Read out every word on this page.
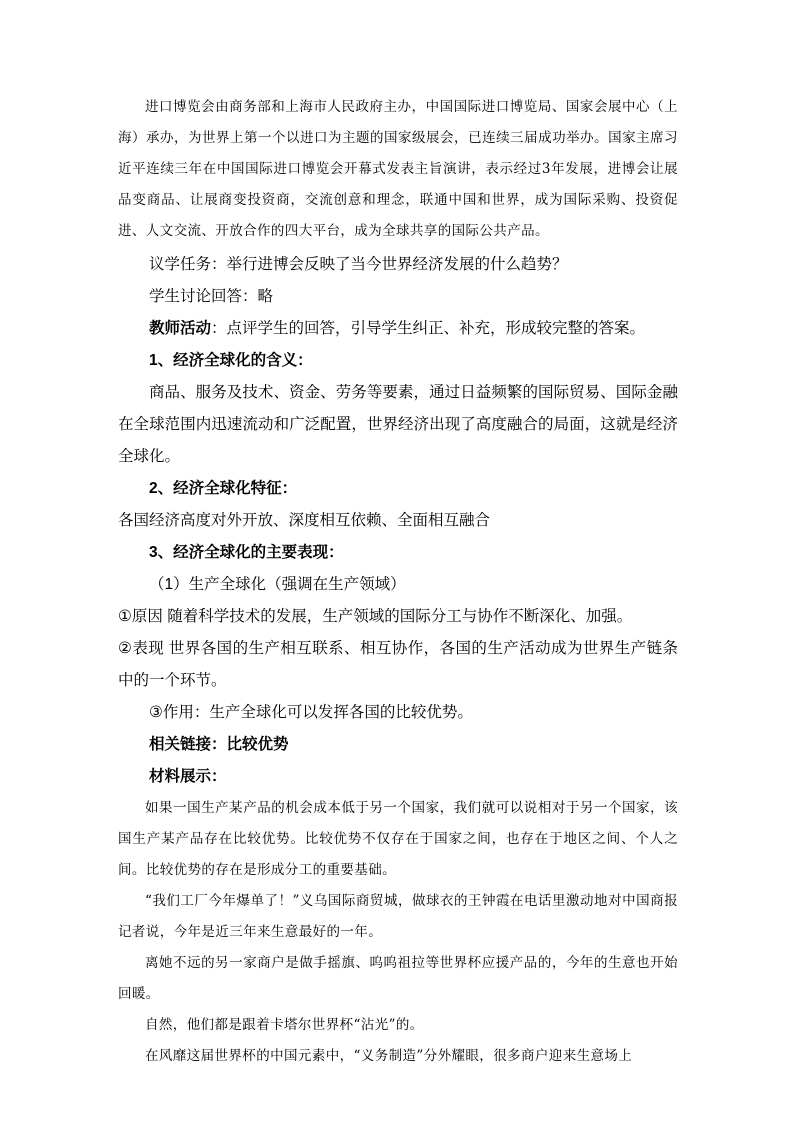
进口博览会由商务部和上海市人民政府主办，中国国际进口博览局、国家会展中心（上海）承办，为世界上第一个以进口为主题的国家级展会，已连续三届成功举办。国家主席习近平连续三年在中国国际进口博览会开幕式发表主旨演讲，表示经过3年发展，进博会让展品变商品、让展商变投资商，交流创意和理念，联通中国和世界，成为国际采购、投资促进、人文交流、开放合作的四大平台，成为全球共享的国际公共产品。

议学任务：举行进博会反映了当今世界经济发展的什么趋势？

学生讨论回答：略

教师活动：点评学生的回答，引导学生纠正、补充，形成较完整的答案。

1、经济全球化的含义：

商品、服务及技术、资金、劳务等要素，通过日益频繁的国际贸易、国际金融在全球范围内迅速流动和广泛配置，世界经济出现了高度融合的局面，这就是经济全球化。

2、经济全球化特征：

各国经济高度对外开放、深度相互依赖、全面相互融合

3、经济全球化的主要表现：

（1）生产全球化（强调在生产领域）

①原因 随着科学技术的发展，生产领域的国际分工与协作不断深化、加强。

②表现 世界各国的生产相互联系、相互协作，各国的生产活动成为世界生产链条中的一个环节。

③作用：生产全球化可以发挥各国的比较优势。

相关链接：比较优势

材料展示：

如果一国生产某产品的机会成本低于另一个国家，我们就可以说相对于另一个国家，该国生产某产品存在比较优势。比较优势不仅存在于国家之间，也存在于地区之间、个人之间。比较优势的存在是形成分工的重要基础。

“我们工厂今年爆单了！”义乌国际商贸城，做球衣的王钟霞在电话里激动地对中国商报记者说，今年是近三年来生意最好的一年。

离她不远的另一家商户是做手摇旗、呜呜祖拉等世界杯应援产品的，今年的生意也开始回暖。

自然，他们都是跟着卡塔尔世界杯“沾光”的。

在风靡这届世界杯的中国元素中，“义务制造”分外耀眼，很多商户迎来生意场上
